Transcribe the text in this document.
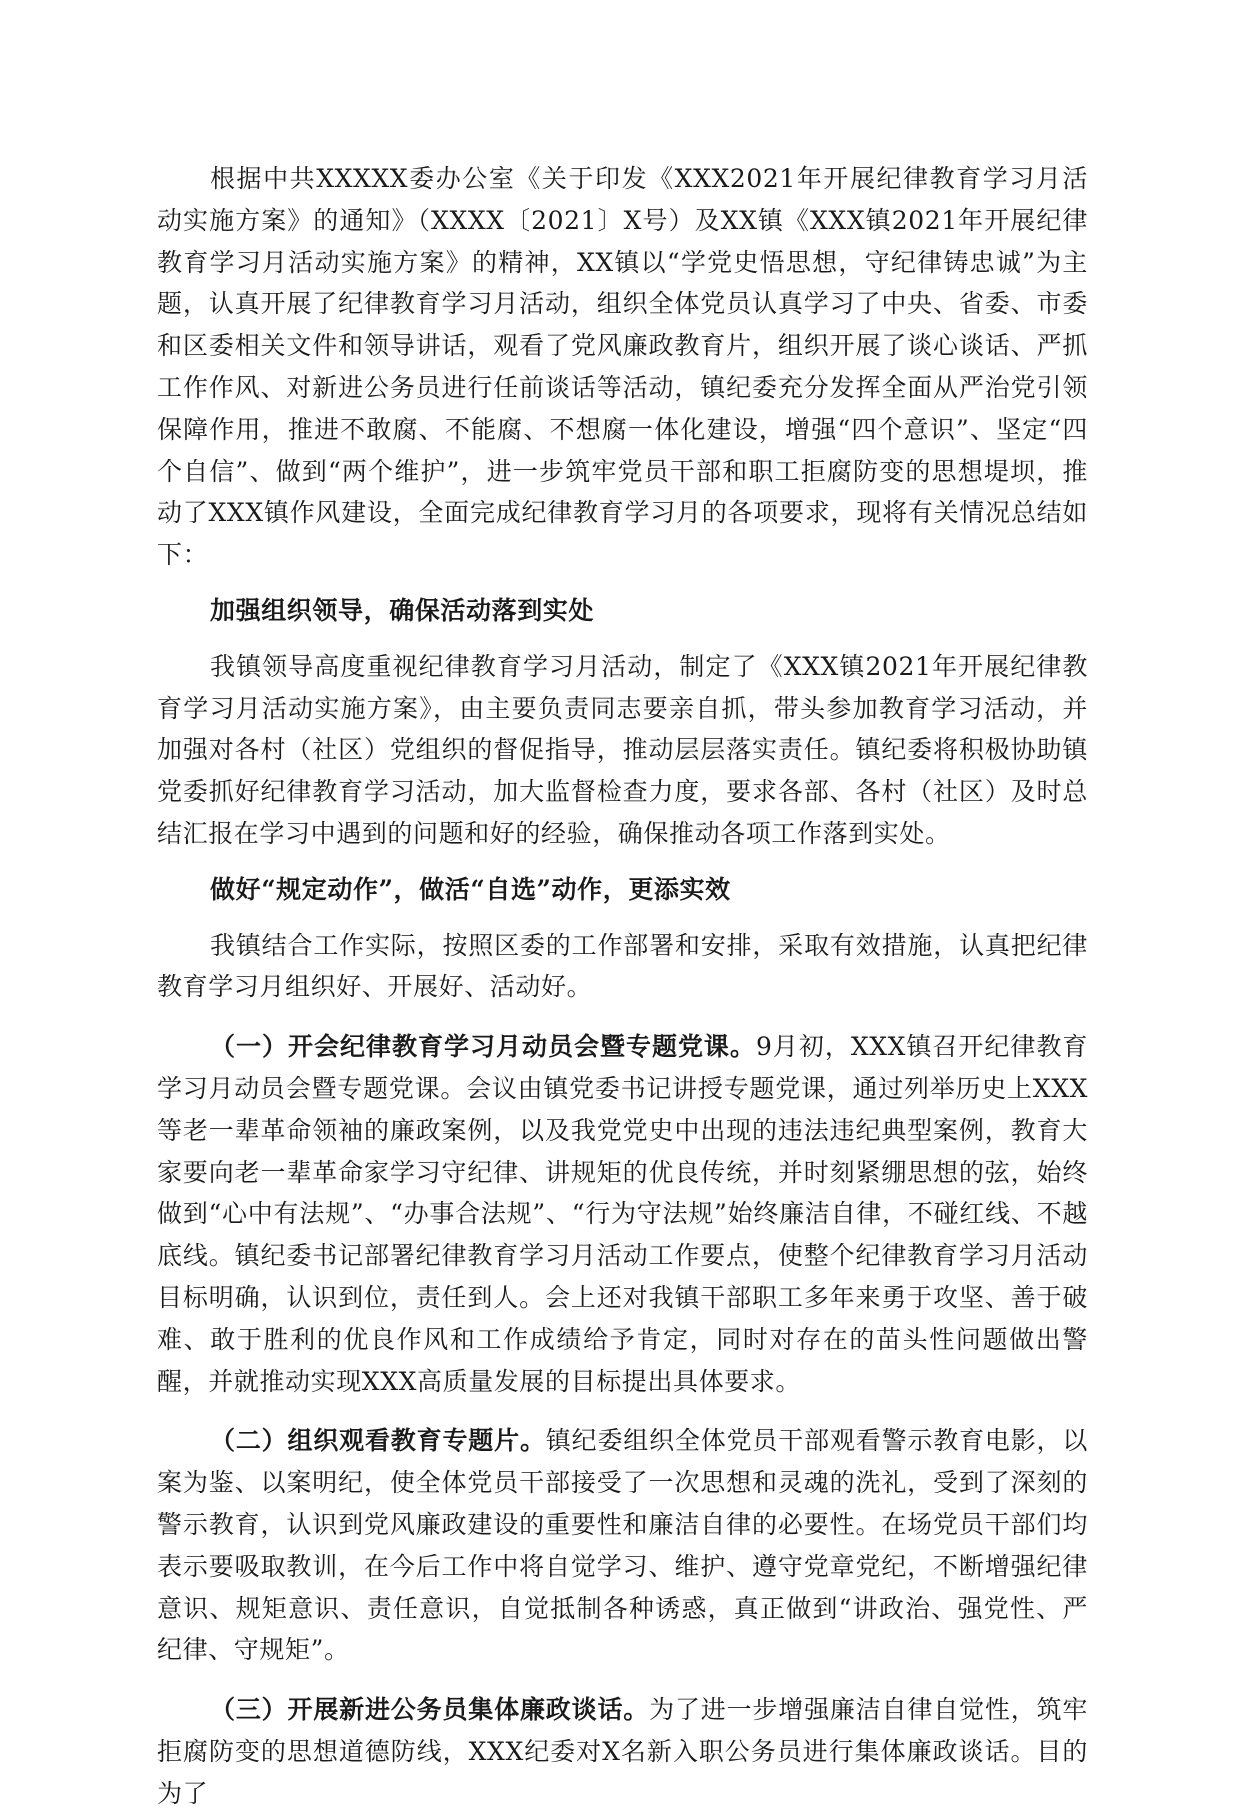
根据中共XXXXX委办公室《关于印发《XXX2021年开展纪律教育学习月活动实施方案》的通知》（XXXX〔2021〕X号）及XX镇《XXX镇2021年开展纪律教育学习月活动实施方案》的精神，XX镇以“学党史悟思想，守纪律铸忠诚”为主题，认真开展了纪律教育学习月活动，组织全体党员认真学习了中央、省委、市委和区委相关文件和领导讲话，观看了党风廉政教育片，组织开展了谈心谈话、严抓工作作风、对新进公务员进行任前谈话等活动，镇纪委充分发挥全面从严治党引领保障作用，推进不敢腐、不能腐、不想腐一体化建设，增强“四个意识”、坚定“四个自信”、做到“两个维护”，进一步筑牢党员干部和职工拒腐防变的思想堤坝，推动了XXX镇作风建设，全面完成纪律教育学习月的各项要求，现将有关情况总结如下：

加强组织领导，确保活动落到实处

我镇领导高度重视纪律教育学习月活动，制定了《XXX镇2021年开展纪律教育学习月活动实施方案》，由主要负责同志要亲自抓，带头参加教育学习活动，并加强对各村（社区）党组织的督促指导，推动层层落实责任。镇纪委将积极协助镇党委抓好纪律教育学习活动，加大监督检查力度，要求各部、各村（社区）及时总结汇报在学习中遇到的问题和好的经验，确保推动各项工作落到实处。

做好“规定动作”，做活“自选”动作，更添实效

我镇结合工作实际，按照区委的工作部署和安排，采取有效措施，认真把纪律教育学习月组织好、开展好、活动好。

（一）开会纪律教育学习月动员会暨专题党课。9月初，XXX镇召开纪律教育学习月动员会暨专题党课。会议由镇党委书记讲授专题党课，通过列举历史上XXX等老一辈革命领袖的廉政案例，以及我党党史中出现的违法违纪典型案例，教育大家要向老一辈革命家学习守纪律、讲规矩的优良传统，并时刻紧绷思想的弦，始终做到“心中有法规”、“办事合法规”、“行为守法规”始终廉洁自律，不碰红线、不越底线。镇纪委书记部署纪律教育学习月活动工作要点，使整个纪律教育学习月活动目标明确，认识到位，责任到人。会上还对我镇干部职工多年来勇于攻坚、善于破难、敢于胜利的优良作风和工作成绩给予肯定，同时对存在的苗头性问题做出警醒，并就推动实现XXX高质量发展的目标提出具体要求。

（二）组织观看教育专题片。镇纪委组织全体党员干部观看警示教育电影，以案为鉴、以案明纪，使全体党员干部接受了一次思想和灵魂的洗礼，受到了深刻的警示教育，认识到党风廉政建设的重要性和廉洁自律的必要性。在场党员干部们均表示要吸取教训，在今后工作中将自觉学习、维护、遵守党章党纪，不断增强纪律意识、规矩意识、责任意识，自觉抵制各种诱惑，真正做到“讲政治、强党性、严纪律、守规矩”。

（三）开展新进公务员集体廉政谈话。为了进一步增强廉洁自律自觉性，筑牢拒腐防变的思想道德防线，XXX纪委对X名新入职公务员进行集体廉政谈话。目的为了
